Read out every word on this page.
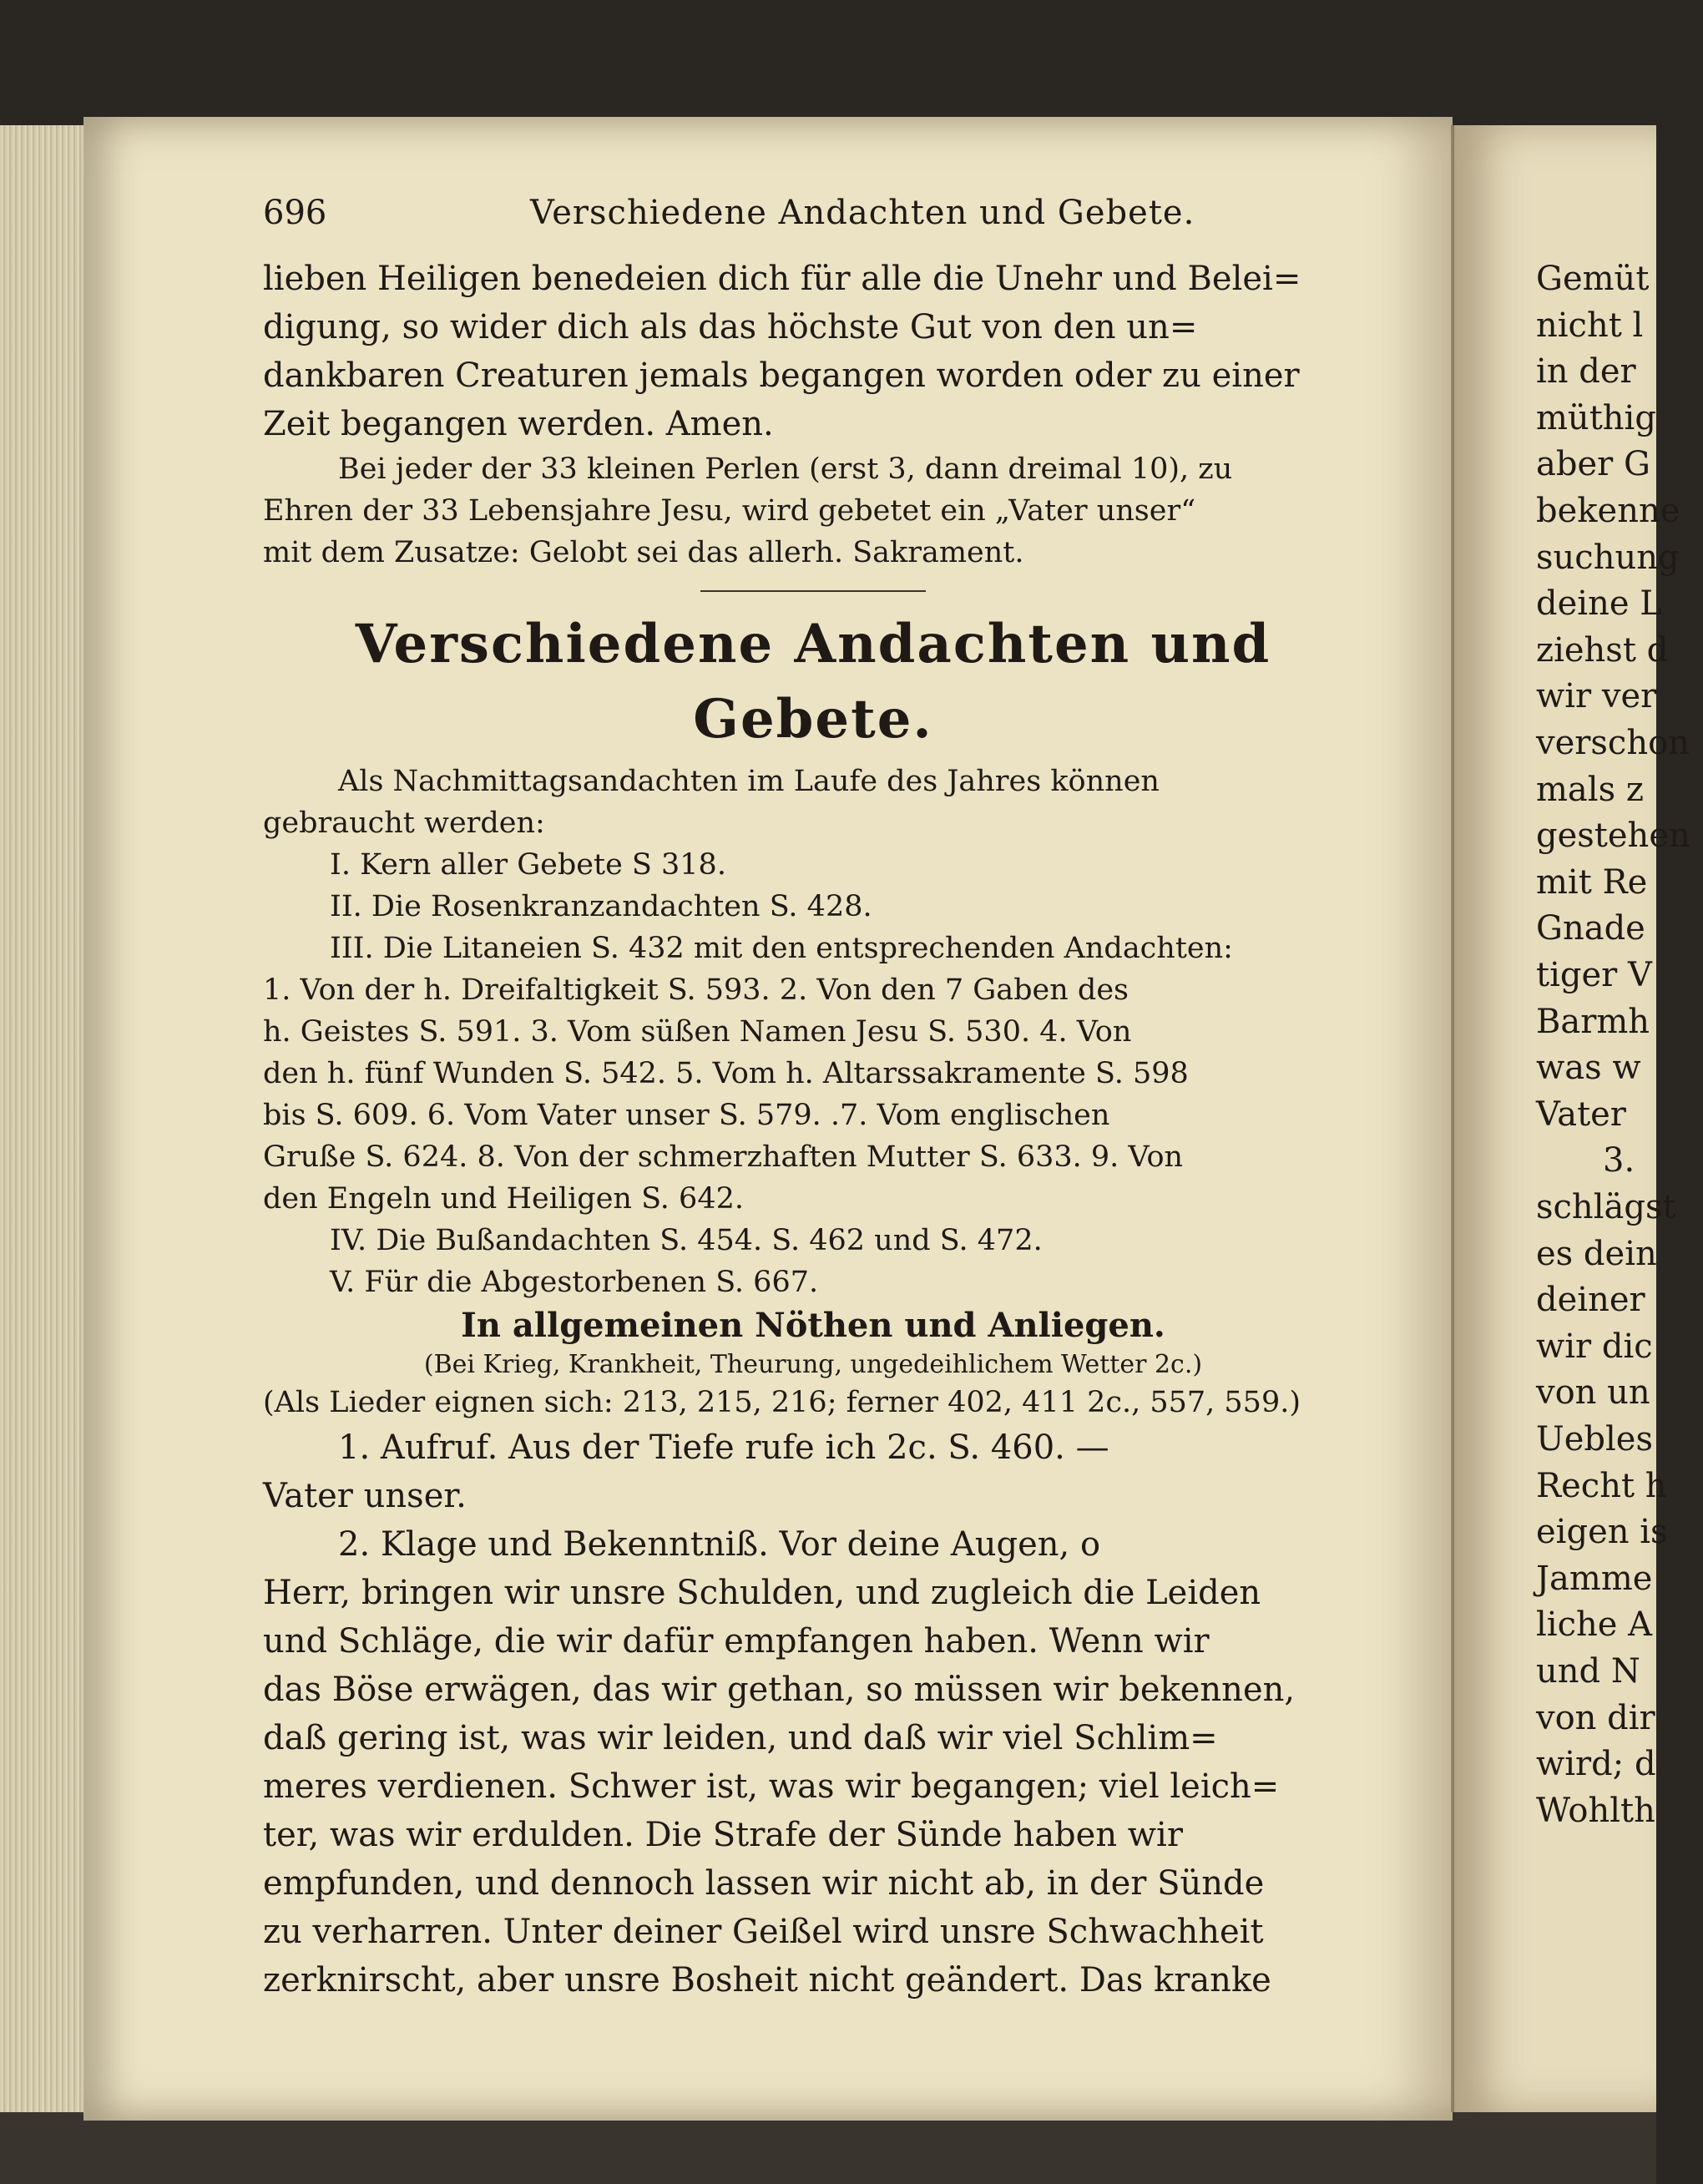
Gemüt
nicht l
in der
müthig
aber G
bekenne
suchung
deine L
ziehst d
wir ver
verschon
mals z
gestehen
mit Re
Gnade
tiger V
Barmh
was w
Vater
3.
schlägst
es dein
deiner
wir dic
von un
Uebles
Recht h
eigen is
Jamme
liche A
und N
von dir
wird; d
Wohlth
696	Verschiedene Andachten und Gebete.

lieben Heiligen benedeien dich für alle die Unehr und Belei=
digung, so wider dich als das höchste Gut von den un=
dankbaren Creaturen jemals begangen worden oder zu einer
Zeit begangen werden. Amen.

Bei jeder der 33 kleinen Perlen (erst 3, dann dreimal 10), zu
Ehren der 33 Lebensjahre Jesu, wird gebetet ein „Vater unser“
mit dem Zusatze: Gelobt sei das allerh. Sakrament.

Verschiedene Andachten und Gebete.

Als Nachmittagsandachten im Laufe des Jahres können
gebraucht werden:

I. Kern aller Gebete S 318.
II. Die Rosenkranzandachten S. 428.
III. Die Litaneien S. 432 mit den entsprechenden Andachten:
1. Von der h. Dreifaltigkeit S. 593. 2. Von den 7 Gaben des
h. Geistes S. 591. 3. Vom süßen Namen Jesu S. 530. 4. Von
den h. fünf Wunden S. 542. 5. Vom h. Altarssakramente S. 598
bis S. 609. 6. Vom Vater unser S. 579. .7. Vom englischen
Gruße S. 624. 8. Von der schmerzhaften Mutter S. 633. 9. Von
den Engeln und Heiligen S. 642.
IV. Die Bußandachten S. 454. S. 462 und S. 472.
V. Für die Abgestorbenen S. 667.

In allgemeinen Nöthen und Anliegen.
(Bei Krieg, Krankheit, Theurung, ungedeihlichem Wetter 2c.)

(Als Lieder eignen sich: 213, 215, 216; ferner 402, 411 2c., 557, 559.)

1. Aufruf. Aus der Tiefe rufe ich 2c. S. 460. —
Vater unser.

2. Klage und Bekenntniß. Vor deine Augen, o
Herr, bringen wir unsre Schulden, und zugleich die Leiden
und Schläge, die wir dafür empfangen haben. Wenn wir
das Böse erwägen, das wir gethan, so müssen wir bekennen,
daß gering ist, was wir leiden, und daß wir viel Schlim=
meres verdienen. Schwer ist, was wir begangen; viel leich=
ter, was wir erdulden. Die Strafe der Sünde haben wir
empfunden, und dennoch lassen wir nicht ab, in der Sünde
zu verharren. Unter deiner Geißel wird unsre Schwachheit
zerknirscht, aber unsre Bosheit nicht geändert. Das kranke
